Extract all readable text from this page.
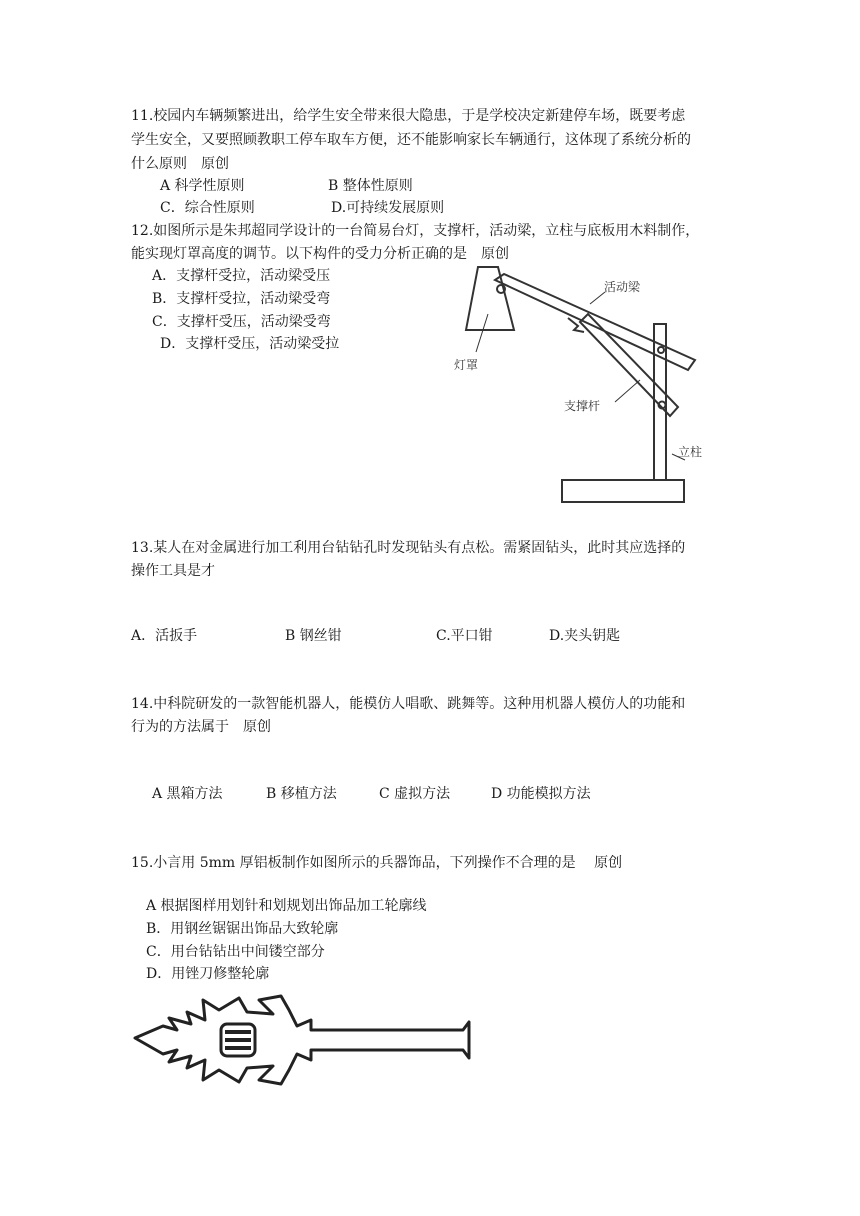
11.校园内车辆频繁进出，给学生安全带来很大隐患，于是学校决定新建停车场，既要考虑
学生安全，又要照顾教职工停车取车方便，还不能影响家长车辆通行，这体现了系统分析的
什么原则　原创
A 科学性原则	B 整体性原则
C．综合性原则	D.可持续发展原则
12.如图所示是朱邦超同学设计的一台简易台灯，支撑杆，活动梁，立柱与底板用木料制作，
能实现灯罩高度的调节。以下构件的受力分析正确的是　原创
A．支撑杆受拉，活动梁受压
B．支撑杆受拉，活动梁受弯
C．支撑杆受压，活动梁受弯
D．支撑杆受压，活动梁受拉
活动梁
灯罩
支撑杆
立柱
13.某人在对金属进行加工利用台钻钻孔时发现钻头有点松。需紧固钻头，此时其应选择的
操作工具是才
A．活扳手	B 钢丝钳	C.平口钳	D.夹头钥匙
14.中科院研发的一款智能机器人，能模仿人唱歌、跳舞等。这种用机器人模仿人的功能和
行为的方法属于　原创
A 黑箱方法	B 移植方法	C 虚拟方法	D 功能模拟方法
15.小言用 5mm 厚铝板制作如图所示的兵器饰品，下列操作不合理的是　 原创
A 根据图样用划针和划规划出饰品加工轮廓线
B．用钢丝锯锯出饰品大致轮廓
C．用台钻钻出中间镂空部分
D．用锉刀修整轮廓
